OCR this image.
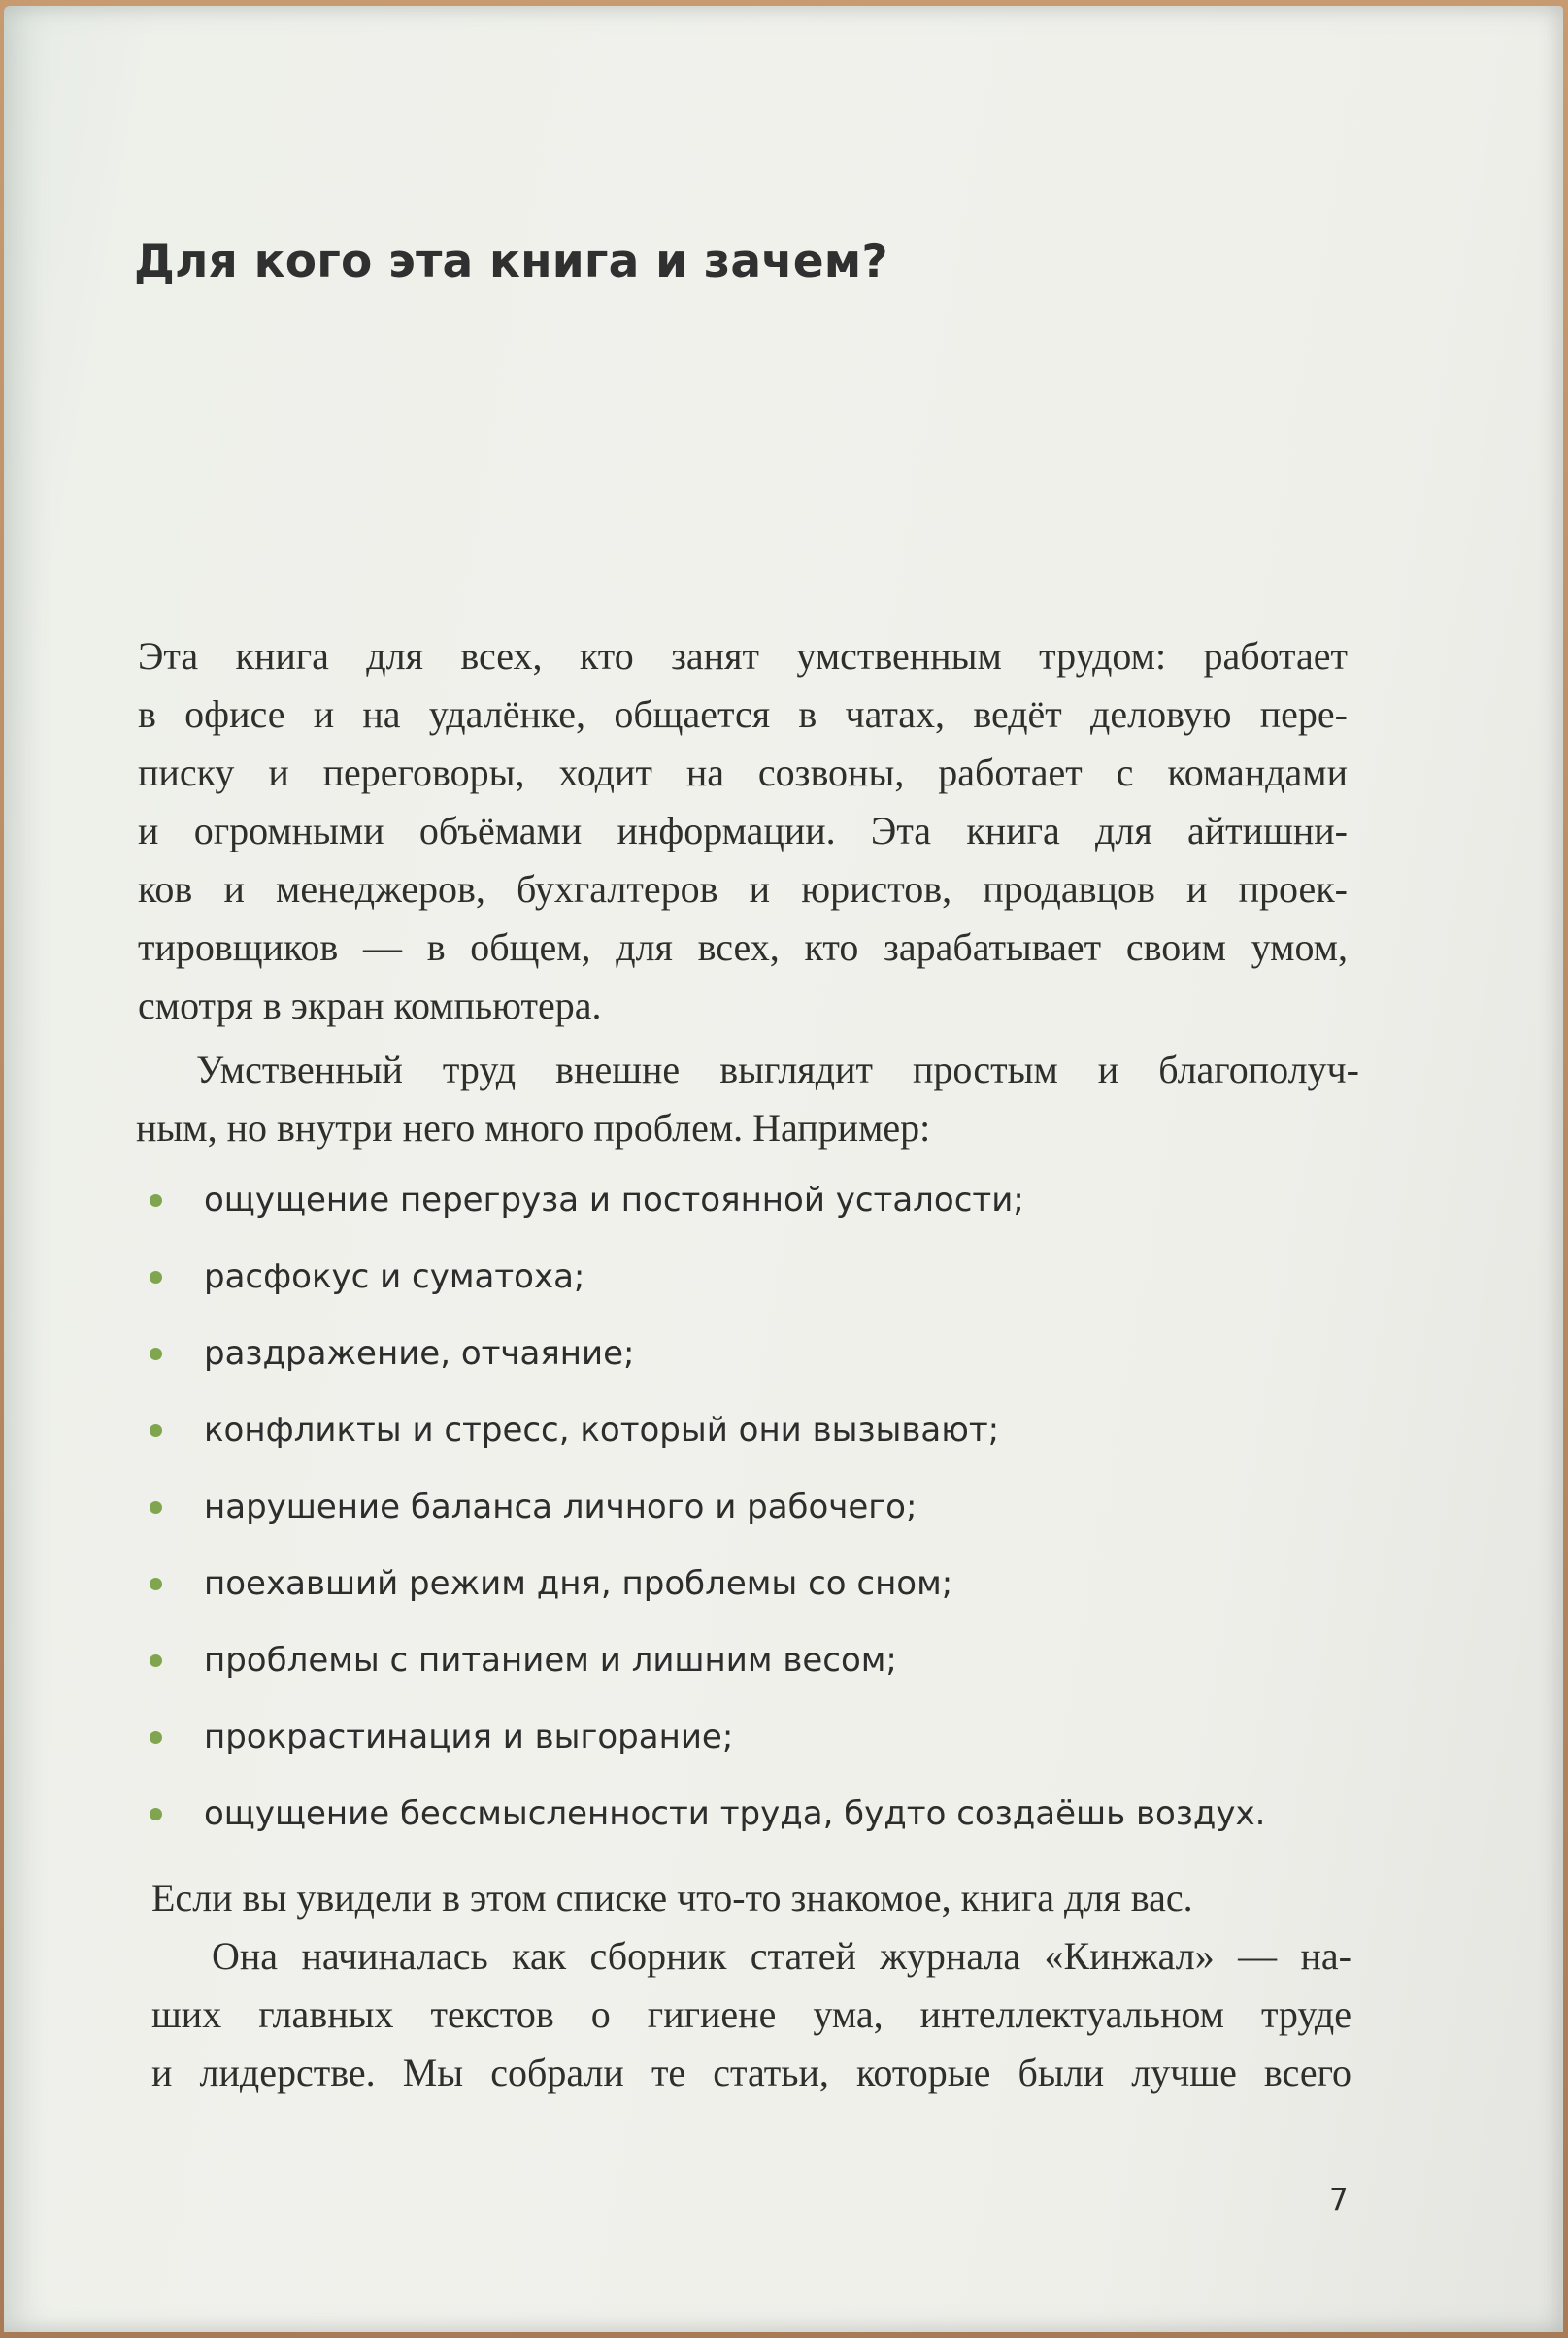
Для кого эта книга и зачем?

Эта книга для всех, кто занят умственным трудом: работает
в офисе и на удалёнке, общается в чатах, ведёт деловую пере-
писку и переговоры, ходит на созвоны, работает с командами
и огромными объёмами информации. Эта книга для айтишни-
ков и менеджеров, бухгалтеров и юристов, продавцов и проек-
тировщиков — в общем, для всех, кто зарабатывает своим умом,
смотря в экран компьютера.

Умственный труд внешне выглядит простым и благополуч-
ным, но внутри него много проблем. Например:

ощущение перегруза и постоянной усталости;
расфокус и суматоха;
раздражение, отчаяние;
конфликты и стресс, который они вызывают;
нарушение баланса личного и рабочего;
поехавший режим дня, проблемы со сном;
проблемы с питанием и лишним весом;
прокрастинация и выгорание;
ощущение бессмысленности труда, будто создаёшь воздух.

Если вы увидели в этом списке что-то знакомое, книга для вас.

Она начиналась как сборник статей журнала «Кинжал» — на-
ших главных текстов о гигиене ума, интеллектуальном труде
и лидерстве. Мы собрали те статьи, которые были лучше всего

7
